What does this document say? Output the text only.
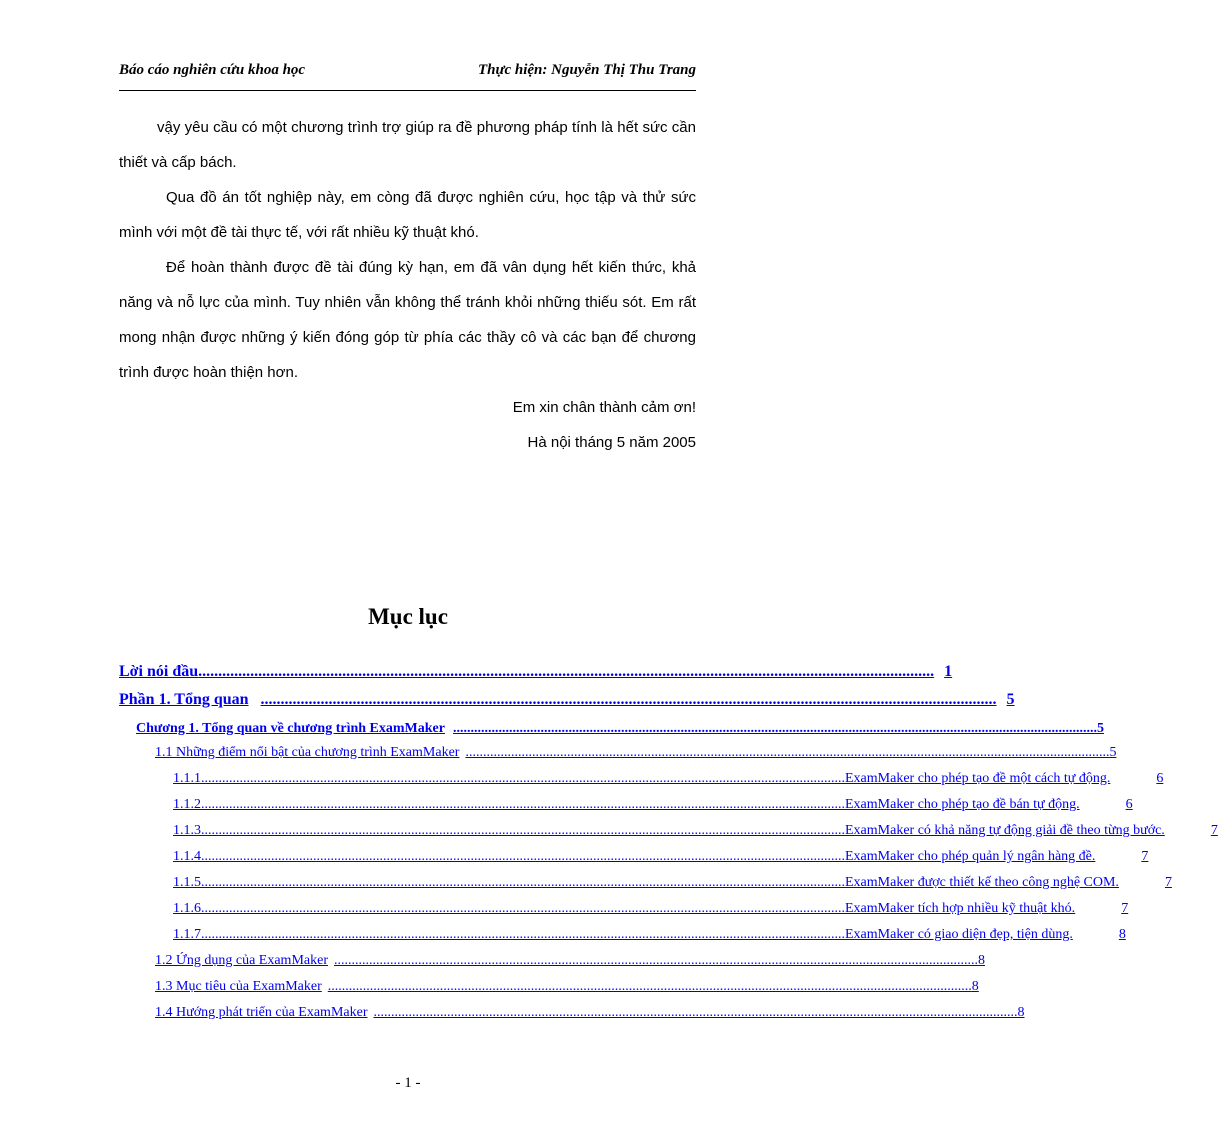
Báo cáo nghiên cứu khoa học	Thực hiện: Nguyễn Thị Thu Trang

vậy yêu cầu có một chương trình trợ giúp ra đề phương pháp tính là hết sức cần thiết và cấp bách.

Qua đồ án tốt nghiệp này, em còng đã được nghiên cứu, học tập và thử sức mình với một đề tài thực tế, với rất nhiều kỹ thuật khó.

Để hoàn thành được đề tài đúng kỳ hạn, em đã vân dụng hết kiến thức, khả năng và nỗ lực của mình. Tuy nhiên vẫn không thể tránh khỏi những thiếu sót. Em rất mong nhận được những ý kiến đóng góp từ phía các thầy cô và các bạn để chương trình được hoàn thiện hơn.

Em xin chân thành cảm ơn!

Hà nội tháng 5 năm 2005

Mục lục
Lời nói đầu ........................................................................................................................................................................................ 1
Phần 1. Tổng quan ........................................................................................................................................................................................ 5
Chương 1. Tổng quan về chương trình ExamMaker ........................................................................................................................................................................................ 5
1.1 Những điểm nổi bật của chương trình ExamMaker ........................................................................................................................................................................................ 5
1.1.1 ........................................................................................................................................................................................ ExamMaker cho phép tạo đề một cách tự động.	6
1.1.2 ........................................................................................................................................................................................ ExamMaker cho phép tạo đề bán tự động.	6
1.1.3 ........................................................................................................................................................................................ ExamMaker có khả năng tự động giải đề theo từng bước.	7
1.1.4 ........................................................................................................................................................................................ ExamMaker cho phép quản lý ngân hàng đề.	7
1.1.5 ........................................................................................................................................................................................ ExamMaker được thiết kế theo công nghệ COM.	7
1.1.6 ........................................................................................................................................................................................ ExamMaker tích hợp nhiều kỹ thuật khó.	7
1.1.7 ........................................................................................................................................................................................ ExamMaker có giao diện đẹp, tiện dùng.	8
1.2 Ứng dụng của ExamMaker ........................................................................................................................................................................................ 8
1.3 Mục tiêu của ExamMaker ........................................................................................................................................................................................ 8
1.4 Hướng phát triển của ExamMaker ........................................................................................................................................................................................ 8
- 1 -
